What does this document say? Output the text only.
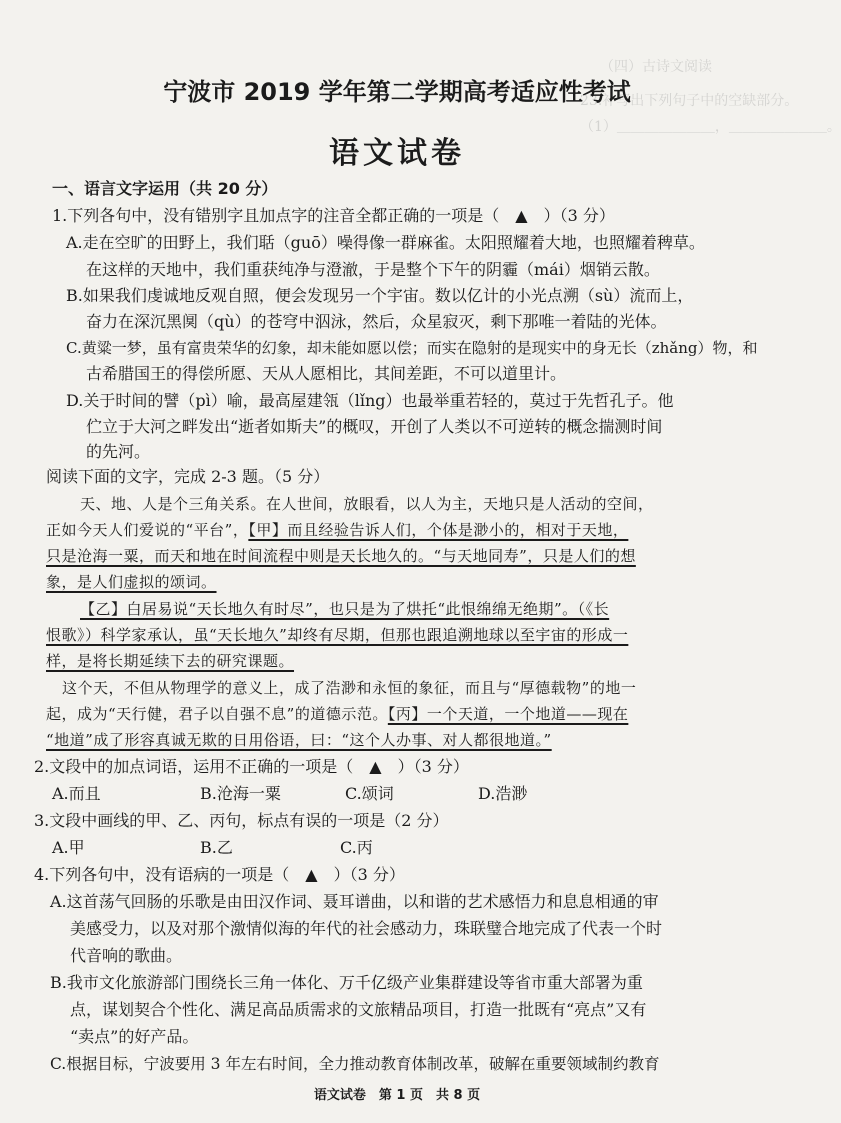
（四）古诗文阅读
23.补写出下列句子中的空缺部分。
（1）＿＿＿＿＿＿＿，＿＿＿＿＿＿＿。
宁波市 2019 学年第二学期高考适应性考试
语文试卷
一、语言文字运用（共 20 分）
1.下列各句中，没有错别字且加点字的注音全都正确的一项是（　▲　）（3 分）
A.走在空旷的田野上，我们聒（guō）噪得像一群麻雀。太阳照耀着大地，也照耀着稗草。
在这样的天地中，我们重获纯净与澄澈，于是整个下午的阴霾（mái）烟销云散。
B.如果我们虔诚地反观自照，便会发现另一个宇宙。数以亿计的小光点溯（sù）流而上，
奋力在深沉黑阒（qù）的苍穹中泅泳，然后，众星寂灭，剩下那唯一着陆的光体。
C.黄粱一梦，虽有富贵荣华的幻象，却未能如愿以偿；而实在隐射的是现实中的身无长（zhǎng）物，和
古希腊国王的得偿所愿、天从人愿相比，其间差距，不可以道里计。
D.关于时间的譬（pì）喻，最高屋建瓴（lǐng）也最举重若轻的，莫过于先哲孔子。他
伫立于大河之畔发出“逝者如斯夫”的概叹，开创了人类以不可逆转的概念揣测时间
的先河。
阅读下面的文字，完成 2-3 题。（5 分）
天、地、人是个三角关系。在人世间，放眼看，以人为主，天地只是人活动的空间，
正如今天人们爱说的“平台”，【甲】而且经验告诉人们，个体是渺小的，相对于天地，
只是沧海一粟，而天和地在时间流程中则是天长地久的。“与天地同寿”，只是人们的想
象，是人们虚拟的颂词。
【乙】白居易说“天长地久有时尽”，也只是为了烘托“此恨绵绵无绝期”。（《长
恨歌》）科学家承认，虽“天长地久”却终有尽期，但那也跟追溯地球以至宇宙的形成一
样，是将长期延续下去的研究课题。
这个天，不但从物理学的意义上，成了浩渺和永恒的象征，而且与“厚德载物”的地一
起，成为“天行健，君子以自强不息”的道德示范。【丙】一个天道，一个地道——现在
“地道”成了形容真诚无欺的日用俗语，曰：“这个人办事、对人都很地道。”
2.文段中的加点词语，运用不正确的一项是（　▲　）（3 分）
A.而且	B.沧海一粟	C.颂词	D.浩渺
3.文段中画线的甲、乙、丙句，标点有误的一项是（2 分）
A.甲	B.乙	C.丙
4.下列各句中，没有语病的一项是（　▲　）（3 分）
A.这首荡气回肠的乐歌是由田汉作词、聂耳谱曲，以和谐的艺术感悟力和息息相通的审
美感受力，以及对那个激情似海的年代的社会感动力，珠联璧合地完成了代表一个时
代音响的歌曲。
B.我市文化旅游部门围绕长三角一体化、万千亿级产业集群建设等省市重大部署为重
点，谋划契合个性化、满足高品质需求的文旅精品项目，打造一批既有“亮点”又有
“卖点”的好产品。
C.根据目标，宁波要用 3 年左右时间，全力推动教育体制改革，破解在重要领域制约教育
语文试卷　第 1 页　共 8 页
